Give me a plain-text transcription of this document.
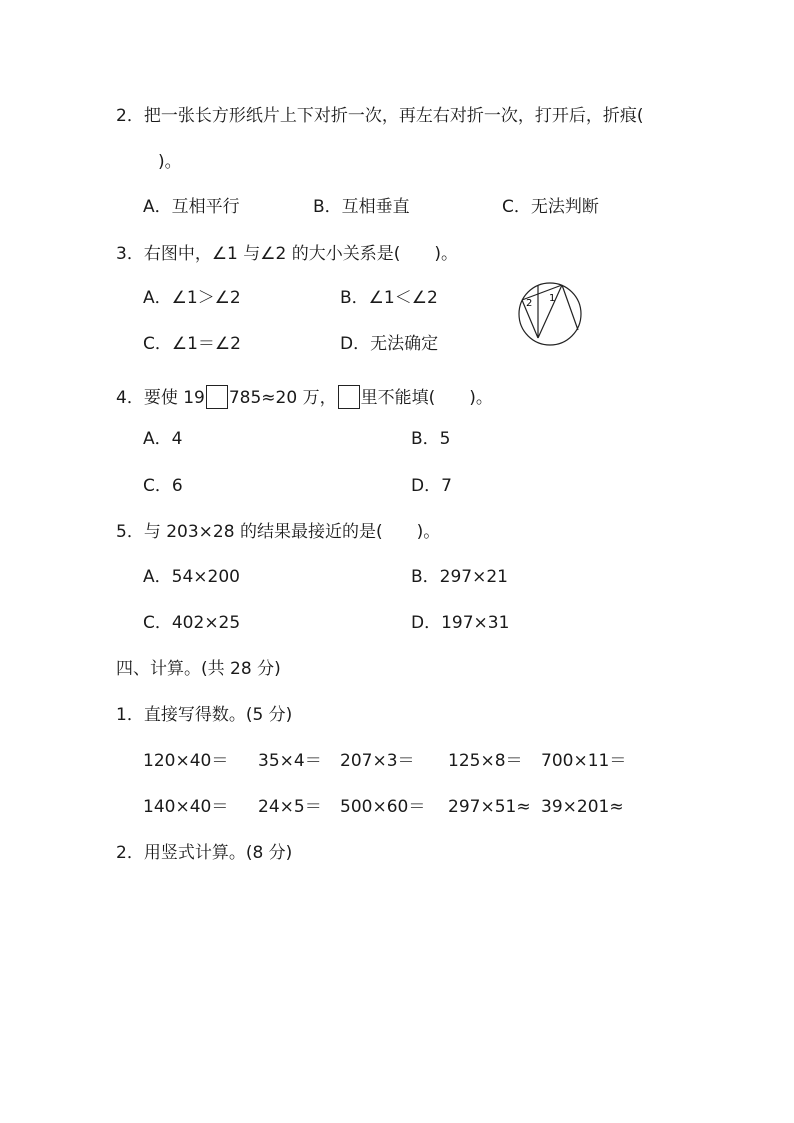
2．把一张长方形纸片上下对折一次，再左右对折一次，打开后，折痕(
)。
A．互相平行	B．互相垂直	C．无法判断
3．右图中，∠1 与∠2 的大小关系是(　　)。
A．∠1＞∠2	B．∠1＜∠2
C．∠1＝∠2	D．无法确定
2 1
4．要使 19 785≈20 万， 里不能填(　　)。
A．4	B．5
C．6	D．7
5．与 203×28 的结果最接近的是(　　)。
A．54×200	B．297×21
C．402×25	D．197×31
四、计算。(共 28 分)
1．直接写得数。(5 分)
120×40＝ 35×4＝ 207×3＝ 125×8＝ 700×11＝
140×40＝ 24×5＝ 500×60＝ 297×51≈ 39×201≈
2．用竖式计算。(8 分)
